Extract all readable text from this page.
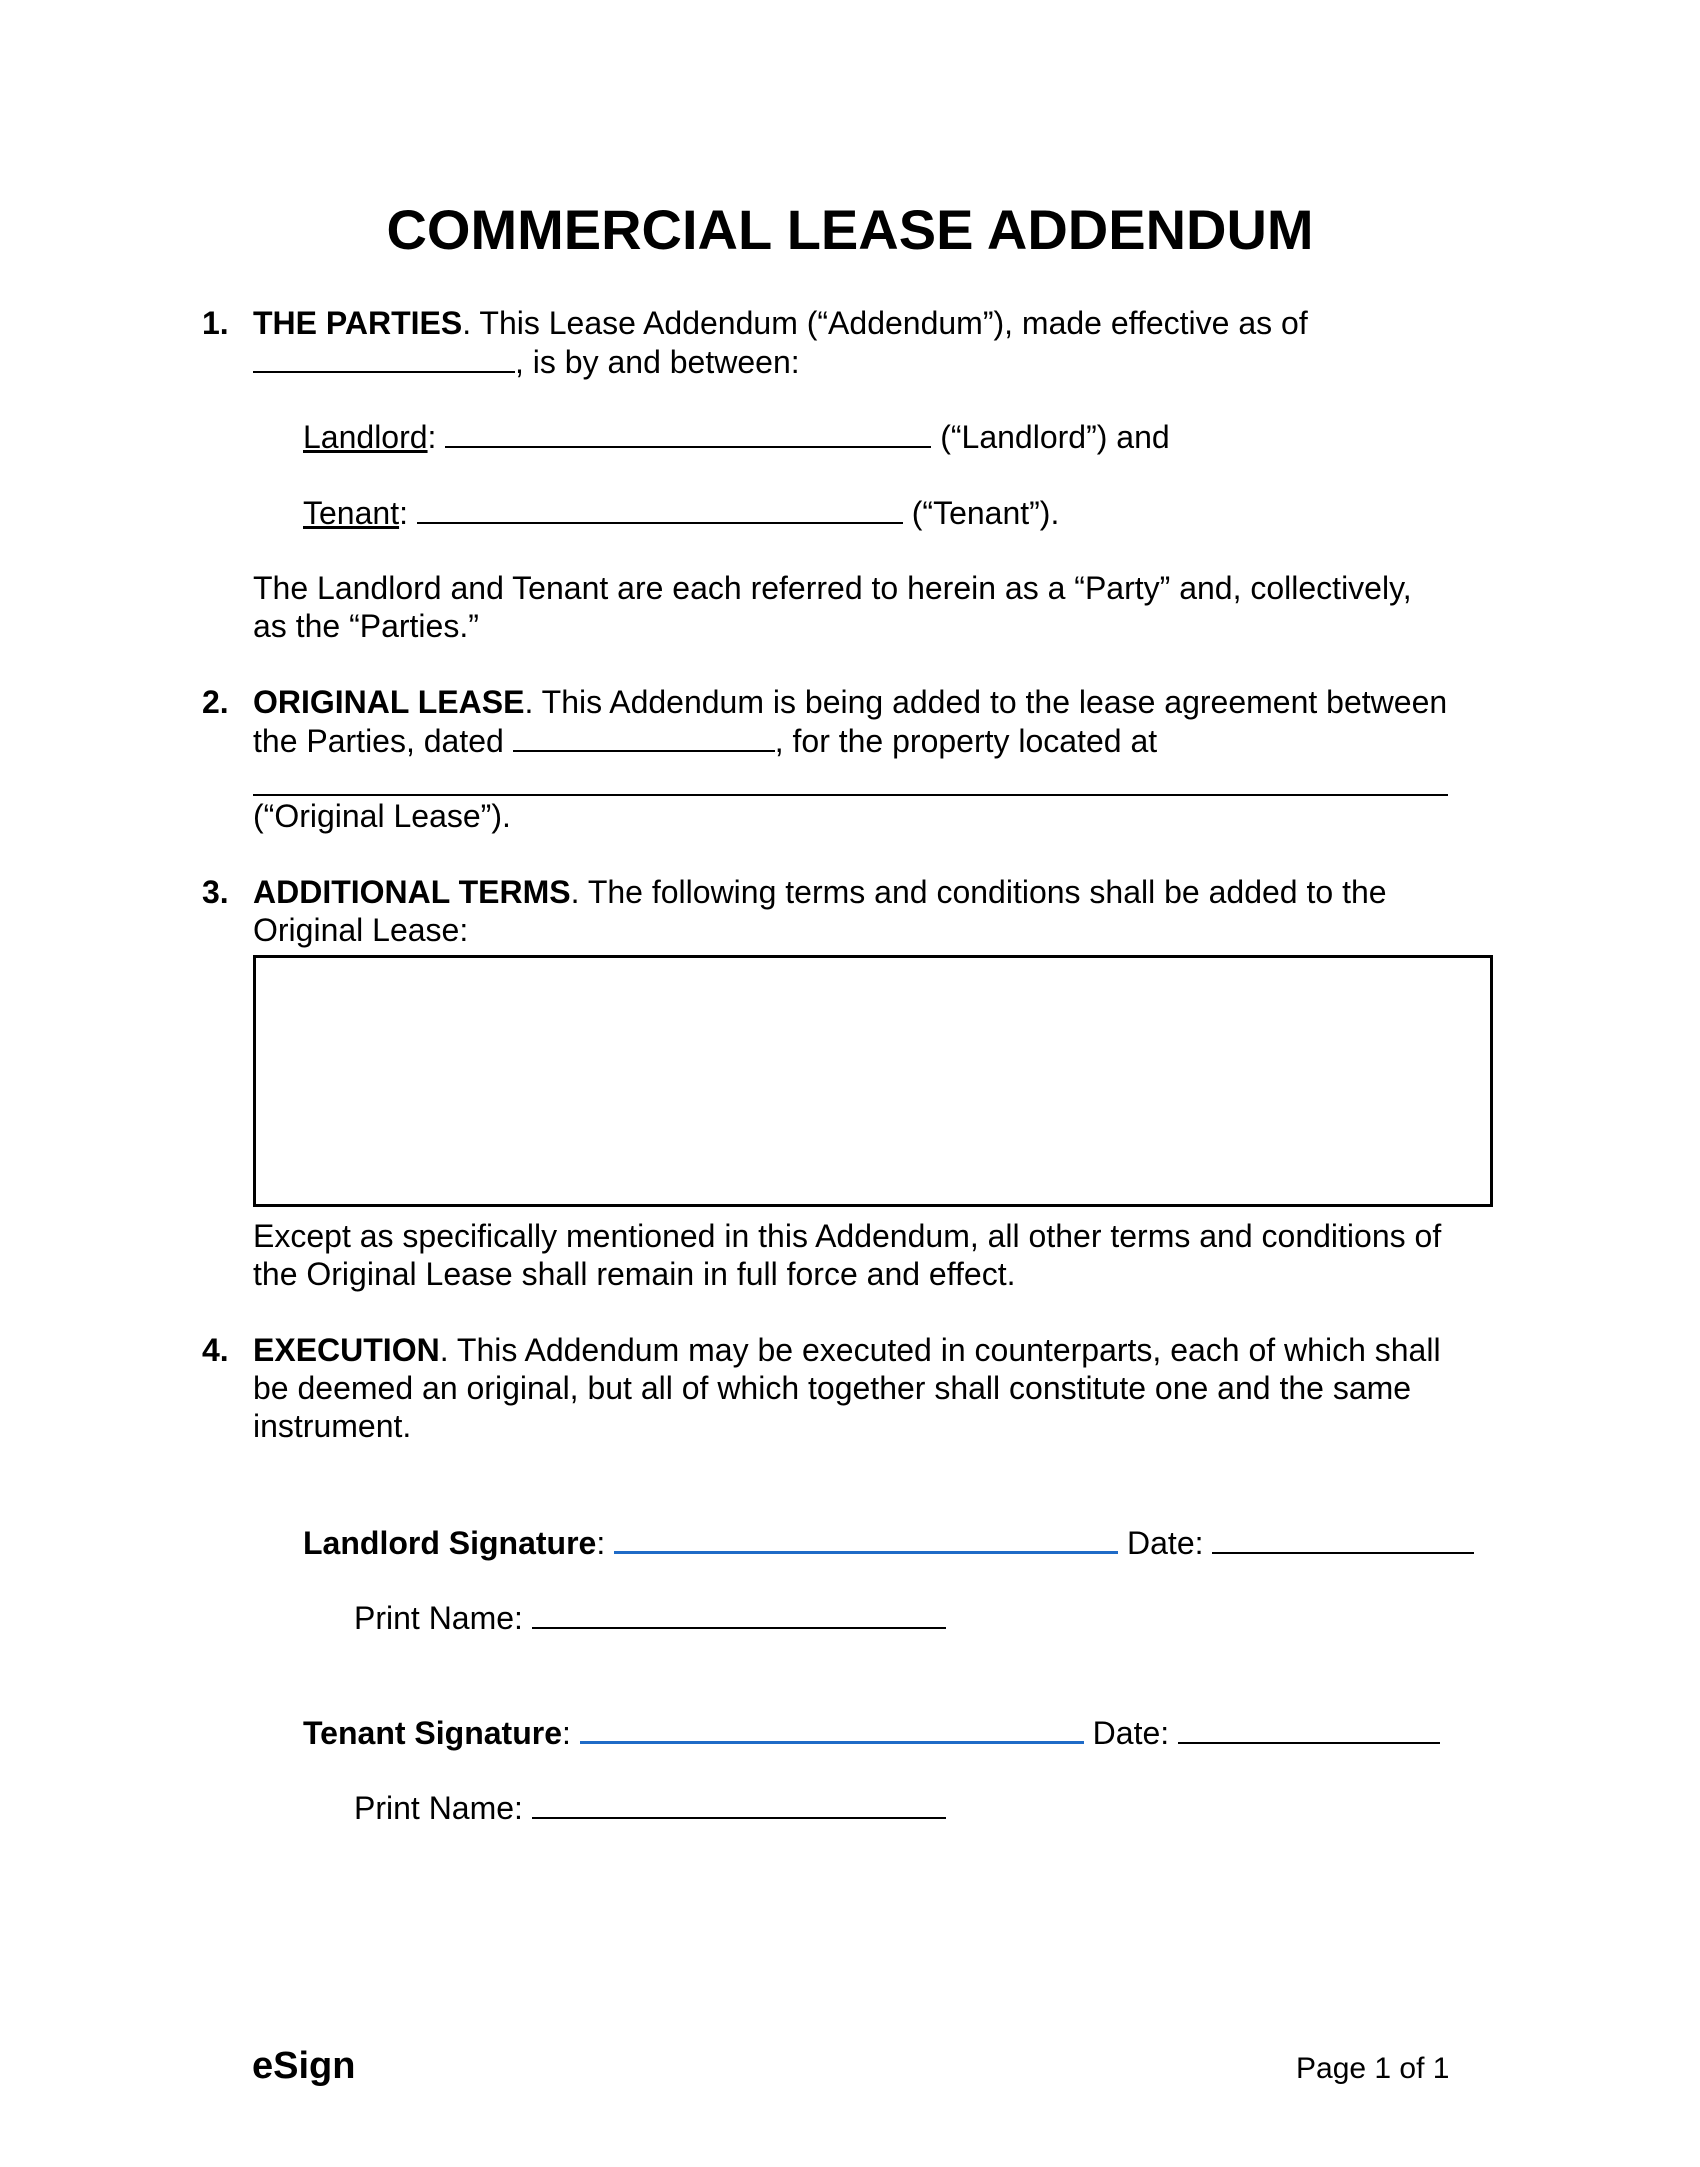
COMMERCIAL LEASE ADDENDUM
1. THE PARTIES. This Lease Addendum (“Addendum”), made effective as of
, is by and between:
Landlord:	(“Landlord”) and
Tenant:	(“Tenant”).
The Landlord and Tenant are each referred to herein as a “Party” and, collectively,
as the “Parties.”
2. ORIGINAL LEASE. This Addendum is being added to the lease agreement between
the Parties, dated	, for the property located at
(“Original Lease”).
3. ADDITIONAL TERMS. The following terms and conditions shall be added to the
Original Lease:
Except as specifically mentioned in this Addendum, all other terms and conditions of
the Original Lease shall remain in full force and effect.
4. EXECUTION. This Addendum may be executed in counterparts, each of which shall
be deemed an original, but all of which together shall constitute one and the same
instrument.
Landlord Signature:	Date:
Print Name:
Tenant Signature:	Date:
Print Name:
eSign	Page 1 of 1
